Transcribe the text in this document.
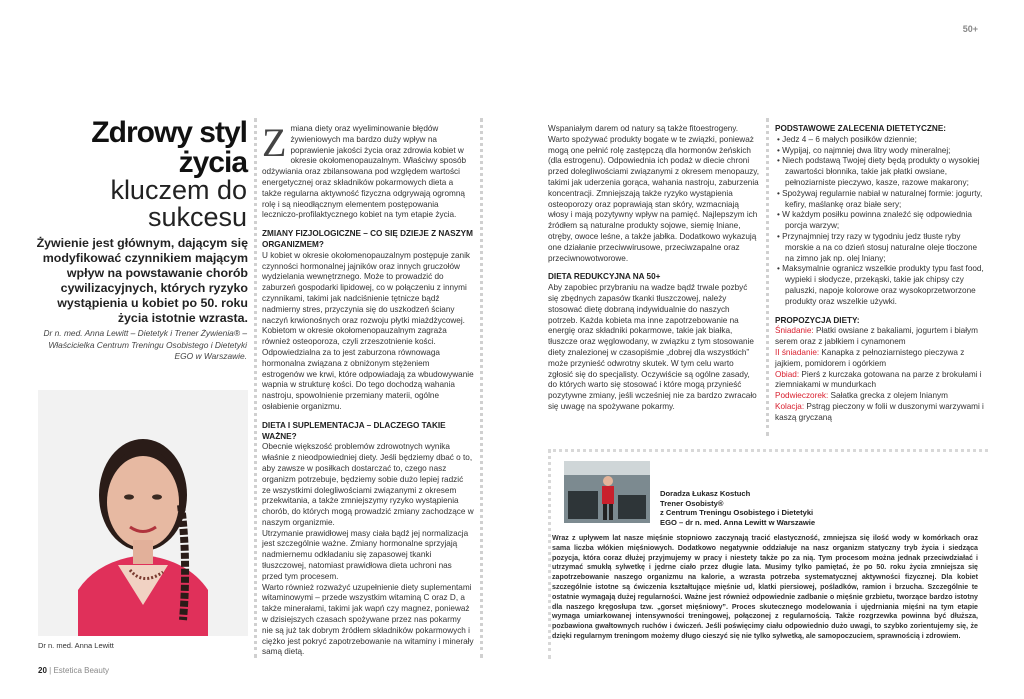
50+
Zdrowy styl
życia
kluczem do
sukcesu
Żywienie jest głównym, dającym się modyfikować czynnikiem mającym wpływ na powstawanie chorób cywilizacyjnych, których ryzyko wystąpienia u kobiet po 50. roku życia istotnie wzrasta.
Dr n. med. Anna Lewitt – Dietetyk i Trener Żywienia® – Właścicielka Centrum Treningu Osobistego i Dietetyki EGO w Warszawie.
Dr n. med. Anna Lewitt

Zmiana diety oraz wyeliminowanie błędów żywieniowych ma bardzo duży wpływ na poprawienie jakości życia oraz zdrowia kobiet w okresie okołomenopauzalnym. Właściwy sposób odżywiania oraz zbilansowana pod względem wartości energetycznej oraz składników pokarmowych dieta a także regularna aktywność fizyczna odgrywają ogromną rolę i są nieodłącznym elementem postępowania leczniczo-profilaktycznego kobiet na tym etapie życia.

ZMIANY FIZJOLOGICZNE – CO SIĘ DZIEJE Z NASZYM ORGANIZMEM?

U kobiet w okresie okołomenopauzalnym postępuje zanik czynności hormonalnej jajników oraz innych gruczołów wydzielania wewnętrznego. Może to prowadzić do zaburzeń gospodarki lipidowej, co w połączeniu z innymi czynnikami, takimi jak nadciśnienie tętnicze bądź nadmierny stres, przyczynia się do uszkodzeń ściany naczyń krwionośnych oraz rozwoju płytki miażdżycowej. Kobietom w okresie okołomenopauzalnym zagraża również osteoporoza, czyli zrzeszotnienie kości. Odpowiedzialna za to jest zaburzona równowaga hormonalna związana z obniżonym stężeniem estrogenów we krwi, które odpowiadają za wbudowywanie wapnia w strukturę kości. Do tego dochodzą wahania nastroju, spowolnienie przemiany materii, ogólne osłabienie organizmu.

DIETA I SUPLEMENTACJA – DLACZEGO TAKIE WAŻNE?

Obecnie większość problemów zdrowotnych wynika właśnie z nieodpowiedniej diety. Jeśli będziemy dbać o to, aby zawsze w posiłkach dostarczać to, czego nasz organizm potrzebuje, będziemy sobie dużo lepiej radzić ze wszystkimi dolegliwościami związanymi z okresem przekwitania, a także zmniejszymy ryzyko wystąpienia chorób, do których mogą prowadzić zmiany zachodzące w naszym organizmie.

Utrzymanie prawidłowej masy ciała bądź jej normalizacja jest szczególnie ważne. Zmiany hormonalne sprzyjają nadmiernemu odkładaniu się zapasowej tkanki tłuszczowej, natomiast prawidłowa dieta uchroni nas przed tym procesem.

Warto również rozważyć uzupełnienie diety suplementami witaminowymi – przede wszystkim witaminą C oraz D, a także minerałami, takimi jak wapń czy magnez, ponieważ w dzisiejszych czasach spożywane przez nas pokarmy nie są już tak dobrym źródłem składników pokarmowych i ciężko jest pokryć zapotrzebowanie na witaminy i minerały samą dietą.

Wspaniałym darem od natury są także fitoestrogeny. Warto spożywać produkty bogate w te związki, ponieważ mogą one pełnić rolę zastępczą dla hormonów żeńskich (dla estrogenu). Odpowiednia ich podaż w diecie chroni przed dolegliwościami związanymi z okresem menopauzy, takimi jak uderzenia gorąca, wahania nastroju, zaburzenia koncentracji. Zmniejszają także ryzyko wystąpienia osteoporozy oraz poprawiają stan skóry, wzmacniają włosy i mają pozytywny wpływ na pamięć. Najlepszym ich źródłem są naturalne produkty sojowe, siemię lniane, otręby, owoce leśne, a także jabłka. Dodatkowo wykazują one działanie przeciwwirusowe, przeciwzapalne oraz przeciwnowotworowe.

DIETA REDUKCYJNA NA 50+

Aby zapobiec przybraniu na wadze bądź trwale pozbyć się zbędnych zapasów tkanki tłuszczowej, należy stosować dietę dobraną indywidualnie do naszych potrzeb. Każda kobieta ma inne zapotrzebowanie na energię oraz składniki pokarmowe, takie jak białka, tłuszcze oraz węglowodany, w związku z tym stosowanie diety znalezionej w czasopiśmie „dobrej dla wszystkich” może przynieść odwrotny skutek. W tym celu warto zgłosić się do specjalisty. Oczywiście są ogólne zasady, do których warto się stosować i które mogą przynieść pozytywne zmiany, jeśli wcześniej nie za bardzo zwracało się uwagę na spożywane pokarmy.

PODSTAWOWE ZALECENIA DIETETYCZNE:
• Jedz 4 – 6 małych posiłków dziennie;
• Wypijaj, co najmniej dwa litry wody mineralnej;
• Niech podstawą Twojej diety będą produkty o wysokiej zawartości błonnika, takie jak płatki owsiane, pełnoziarniste pieczywo, kasze, razowe makarony;
• Spożywaj regularnie nabiał w naturalnej formie: jogurty, kefiry, maślankę oraz białe sery;
• W każdym posiłku powinna znaleźć się odpowiednia porcja warzyw;
• Przynajmniej trzy razy w tygodniu jedz tłuste ryby morskie a na co dzień stosuj naturalne oleje tłoczone na zimno jak np. olej lniany;
• Maksymalnie ogranicz wszelkie produkty typu fast food, wypieki i słodycze, przekąski, takie jak chipsy czy paluszki, napoje kolorowe oraz wysokoprzetworzone produkty oraz wszelkie używki.
PROPOZYCJA DIETY:

Śniadanie: Płatki owsiane z bakaliami, jogurtem i białym serem oraz z jabłkiem i cynamonem

II śniadanie: Kanapka z pełnoziarnistego pieczywa z jajkiem, pomidorem i ogórkiem

Obiad: Pierś z kurczaka gotowana na parze z brokułami i ziemniakami w mundurkach

Podwieczorek: Sałatka grecka z olejem lnianym

Kolacja: Pstrąg pieczony w folii w duszonymi warzywami i kaszą gryczaną

Doradza Łukasz Kostuch
Trener Osobisty®
z Centrum Treningu Osobistego i Dietetyki
EGO – dr n. med. Anna Lewitt w Warszawie
Wraz z upływem lat nasze mięśnie stopniowo zaczynają tracić elastyczność, zmniejsza się ilość wody w komórkach oraz sama liczba włókien mięśniowych. Dodatkowo negatywnie oddziałuje na nasz organizm statyczny tryb życia i siedząca pozycja, która coraz dłużej przyjmujemy w pracy i niestety także po za nią. Tym procesom można jednak przeciwdziałać i utrzymać smukłą sylwetkę i jędrne ciało przez długie lata. Musimy tylko pamiętać, że po 50. roku życia zmniejsza się zapotrzebowanie naszego organizmu na kalorie, a wzrasta potrzeba systematycznej aktywności fizycznej. Dla kobiet szczególnie istotne są ćwiczenia kształtujące mięśnie ud, klatki piersiowej, pośladków, ramion i brzucha. Szczególnie te ostatnie wymagają dużej regularności. Ważne jest również odpowiednie zadbanie o mięśnie grzbietu, tworzące bardzo istotny dla naszego kręgosłupa tzw. „gorset mięśniowy”. Proces skutecznego modelowania i ujędrniania mięśni na tym etapie wymaga umiarkowanej intensywności treningowej, połączonej z regularnością. Także rozgrzewka powinna być dłuższa, pozbawiona gwałtownych ruchów i ćwiczeń. Jeśli poświęcimy ciału odpowiednio dużo uwagi, to szybko zorientujemy się, że dzięki regularnym treningom możemy długo cieszyć się nie tylko sylwetką, ale samopoczuciem, sprawnością i zdrowiem.
20 | Estetica Beauty
